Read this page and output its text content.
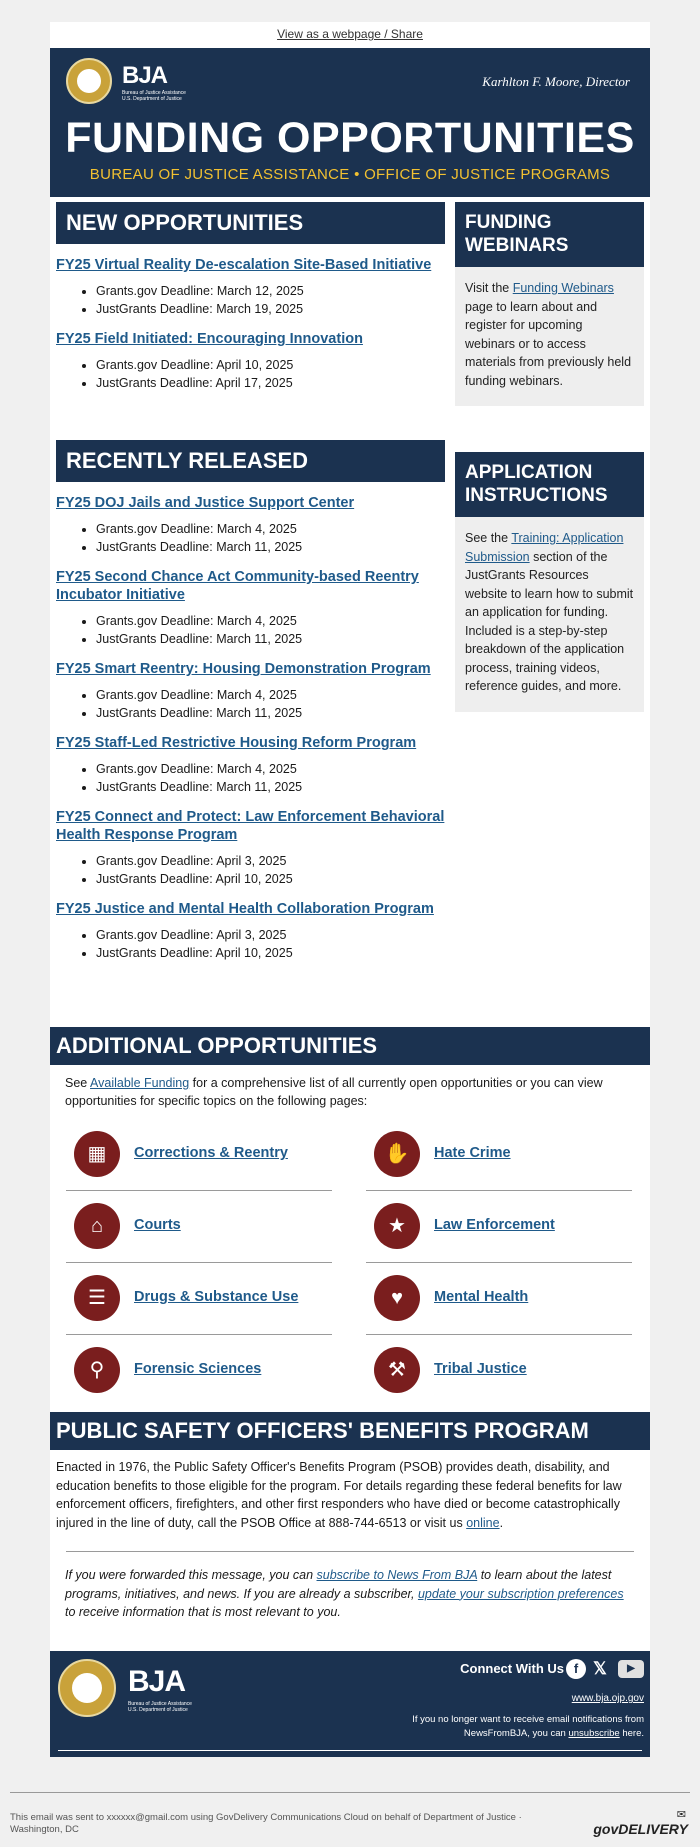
View as a webpage / Share
BJA
Bureau of Justice Assistance
U.S. Department of Justice
Karhlton F. Moore, Director
FUNDING OPPORTUNITIES
BUREAU OF JUSTICE ASSISTANCE • OFFICE OF JUSTICE PROGRAMS
NEW OPPORTUNITIES
FY25 Virtual Reality De-escalation Site-Based Initiative
• Grants.gov Deadline: March 12, 2025
• JustGrants Deadline: March 19, 2025
FY25 Field Initiated: Encouraging Innovation
• Grants.gov Deadline: April 10, 2025
• JustGrants Deadline: April 17, 2025
RECENTLY RELEASED
FY25 DOJ Jails and Justice Support Center
• Grants.gov Deadline: March 4, 2025
• JustGrants Deadline: March 11, 2025
FY25 Second Chance Act Community-based Reentry Incubator Initiative
• Grants.gov Deadline: March 4, 2025
• JustGrants Deadline: March 11, 2025
FY25 Smart Reentry: Housing Demonstration Program
• Grants.gov Deadline: March 4, 2025
• JustGrants Deadline: March 11, 2025
FY25 Staff-Led Restrictive Housing Reform Program
• Grants.gov Deadline: March 4, 2025
• JustGrants Deadline: March 11, 2025
FY25 Connect and Protect: Law Enforcement Behavioral Health Response Program
• Grants.gov Deadline: April 3, 2025
• JustGrants Deadline: April 10, 2025
FY25 Justice and Mental Health Collaboration Program
• Grants.gov Deadline: April 3, 2025
• JustGrants Deadline: April 10, 2025
FUNDING WEBINARS
Visit the Funding Webinars page to learn about and register for upcoming webinars or to access materials from previously held funding webinars.
APPLICATION INSTRUCTIONS
See the Training: Application Submission section of the JustGrants Resources website to learn how to submit an application for funding. Included is a step-by-step breakdown of the application process, training videos, reference guides, and more.
ADDITIONAL OPPORTUNITIES
See Available Funding for a comprehensive list of all currently open opportunities or you can view opportunities for specific topics on the following pages:
▦	Corrections & Reentry	✋	Hate Crime
⌂	Courts	★	Law Enforcement
☰	Drugs & Substance Use	♥	Mental Health
⚲	Forensic Sciences	⚒	Tribal Justice
PUBLIC SAFETY OFFICERS' BENEFITS PROGRAM
Enacted in 1976, the Public Safety Officer's Benefits Program (PSOB) provides death, disability, and education benefits to those eligible for the program. For details regarding these federal benefits for law enforcement officers, firefighters, and other first responders who have died or become catastrophically injured in the line of duty, call the PSOB Office at 888-744-6513 or visit us online.
If you were forwarded this message, you can subscribe to News From BJA to learn about the latest programs, initiatives, and news. If you are already a subscriber, update your subscription preferences to receive information that is most relevant to you.
BJA
Bureau of Justice Assistance
U.S. Department of Justice
Connect With Us f 𝕏	▶
www.bja.ojp.gov
If you no longer want to receive email notifications from NewsFromBJA, you can unsubscribe here.
This email was sent to xxxxxx@gmail.com using GovDelivery Communications Cloud on behalf of Department of Justice · Washington, DC
✉
govDELIVERY
